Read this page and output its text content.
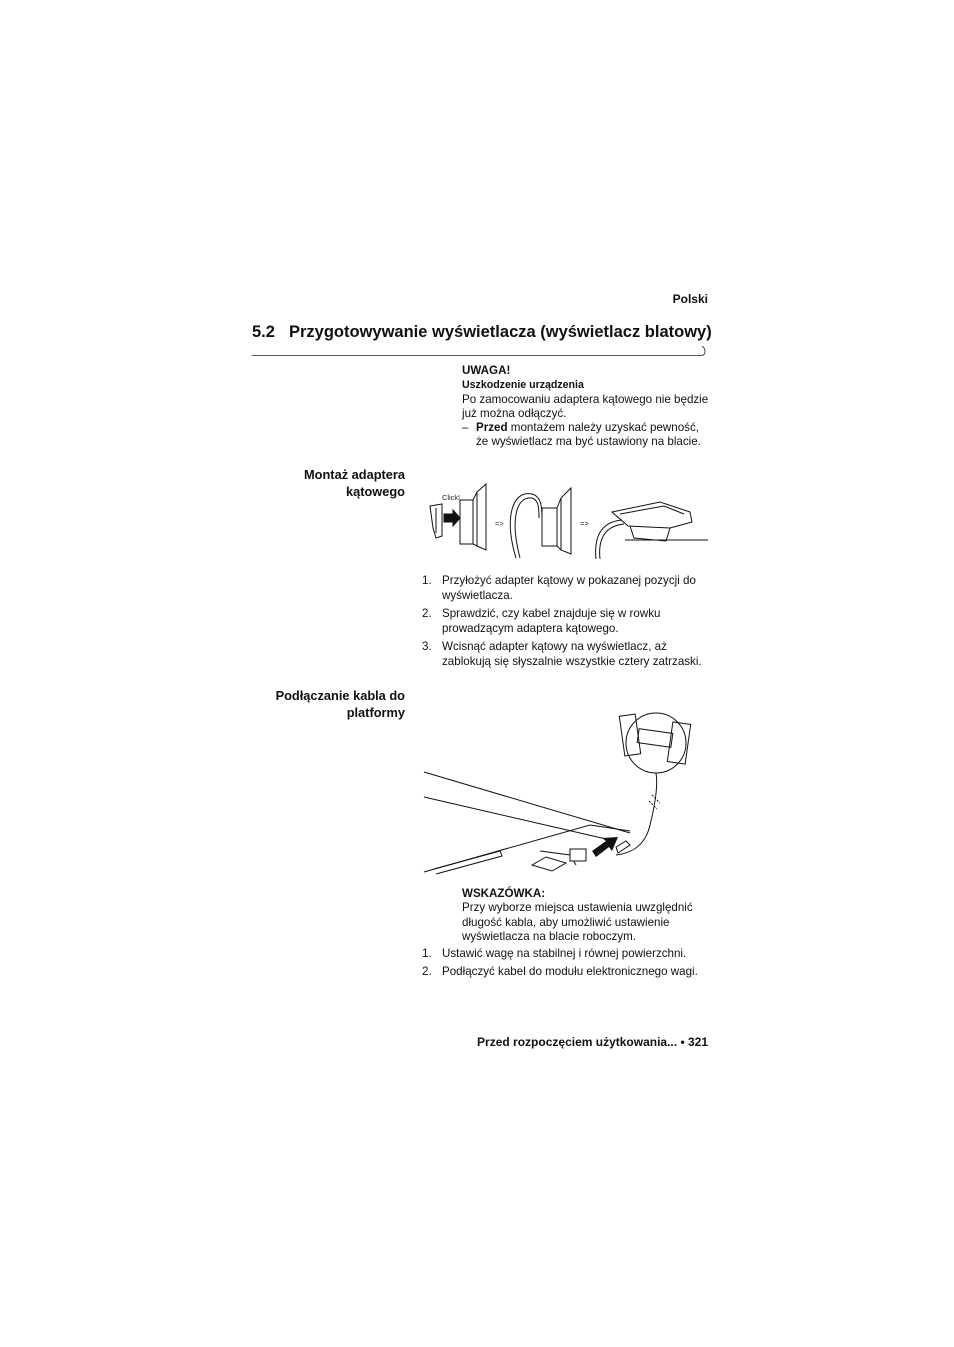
Polski
5.2 Przygotowywanie wyświetlacza (wyświetlacz blatowy)
UWAGA!
Uszkodzenie urządzenia
Po zamocowaniu adaptera kątowego nie będzie już można odłączyć.
– Przed montażem należy uzyskać pewność, że wyświetlacz ma być ustawiony na blacie.
Montaż adaptera
kątowego	Click!
=>	=>
1. Przyłożyć adapter kątowy w pokazanej pozycji do wyświetlacza.
2. Sprawdzić, czy kabel znajduje się w rowku prowadzącym adaptera kątowego.
3. Wcisnąć adapter kątowy na wyświetlacz, aż zablokują się słyszalnie wszystkie cztery zatrzaski.
Podłączanie kabla do
platformy
WSKAZÓWKA:
Przy wyborze miejsca ustawienia uwzględnić długość kabla, aby umożliwić ustawienie wyświetlacza na blacie roboczym.
1. Ustawić wagę na stabilnej i równej powierzchni.
2. Podłączyć kabel do modułu elektronicznego wagi.
Przed rozpoczęciem użytkowania... • 321
